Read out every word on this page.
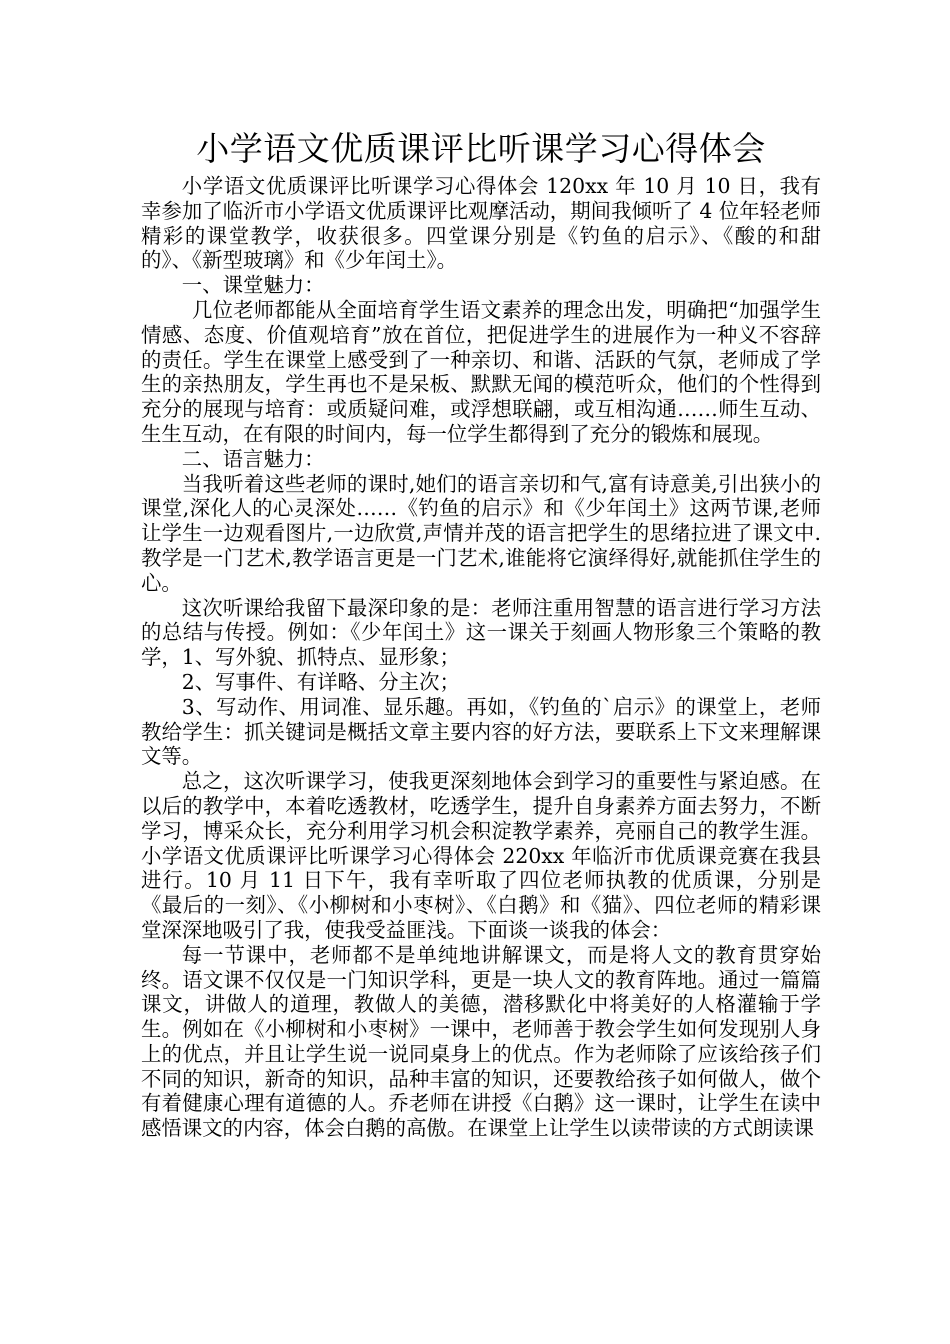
小学语文优质课评比听课学习心得体会

小学语文优质课评比听课学习心得体会 120xx 年 10 月 10 日，我有幸参加了临沂市小学语文优质课评比观摩活动，期间我倾听了 4 位年轻老师精彩的课堂教学，收获很多。四堂课分别是《钓鱼的启示》、《酸的和甜的》、《新型玻璃》和《少年闰土》。

一、课堂魅力：

几位老师都能从全面培育学生语文素养的理念出发，明确把“加强学生情感、态度、价值观培育”放在首位，把促进学生的进展作为一种义不容辞的责任。学生在课堂上感受到了一种亲切、和谐、活跃的气氛，老师成了学生的亲热朋友，学生再也不是呆板、默默无闻的模范听众，他们的个性得到充分的展现与培育：或质疑问难，或浮想联翩，或互相沟通……师生互动、生生互动，在有限的时间内，每一位学生都得到了充分的锻炼和展现。

二、语言魅力：

当我听着这些老师的课时,她们的语言亲切和气,富有诗意美,引出狭小的课堂,深化人的心灵深处……《钓鱼的启示》和《少年闰土》这两节课,老师让学生一边观看图片,一边欣赏,声情并茂的语言把学生的思绪拉进了课文中.教学是一门艺术,教学语言更是一门艺术,谁能将它演绎得好,就能抓住学生的心。

这次听课给我留下最深印象的是：老师注重用智慧的语言进行学习方法的总结与传授。例如：《少年闰土》这一课关于刻画人物形象三个策略的教学，1、写外貌、抓特点、显形象；

2、写事件、有详略、分主次；

3、写动作、用词准、显乐趣。再如，《钓鱼的`启示》的课堂上，老师教给学生：抓关键词是概括文章主要内容的好方法，要联系上下文来理解课文等。

总之，这次听课学习，使我更深刻地体会到学习的重要性与紧迫感。在以后的教学中，本着吃透教材，吃透学生，提升自身素养方面去努力，不断学习，博采众长，充分利用学习机会积淀教学素养，亮丽自己的教学生涯。小学语文优质课评比听课学习心得体会 220xx 年临沂市优质课竞赛在我县进行。10 月 11 日下午，我有幸听取了四位老师执教的优质课，分别是《最后的一刻》、《小柳树和小枣树》、《白鹅》和《猫》、四位老师的精彩课堂深深地吸引了我，使我受益匪浅。下面谈一谈我的体会：

每一节课中，老师都不是单纯地讲解课文，而是将人文的教育贯穿始终。语文课不仅仅是一门知识学科，更是一块人文的教育阵地。通过一篇篇课文，讲做人的道理，教做人的美德，潜移默化中将美好的人格灌输于学生。例如在《小柳树和小枣树》一课中，老师善于教会学生如何发现别人身上的优点，并且让学生说一说同桌身上的优点。作为老师除了应该给孩子们不同的知识，新奇的知识，品种丰富的知识，还要教给孩子如何做人，做个有着健康心理有道德的人。乔老师在讲授《白鹅》这一课时，让学生在读中感悟课文的内容，体会白鹅的高傲。在课堂上让学生以读带读的方式朗读课
